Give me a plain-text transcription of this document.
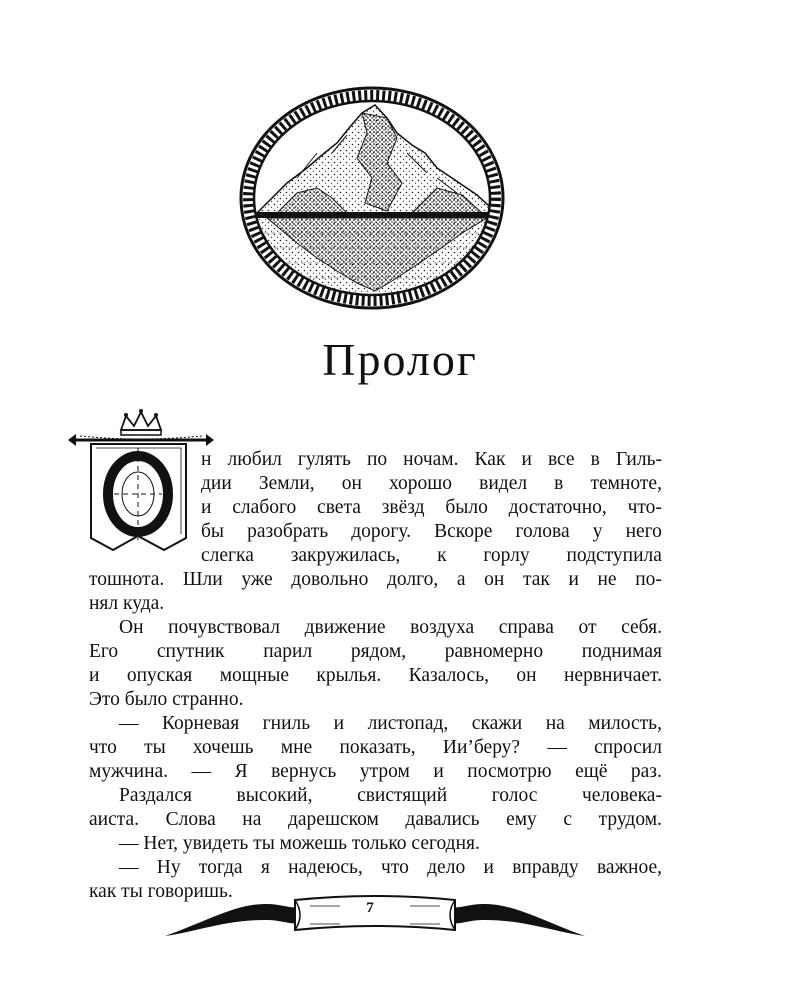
Пролог
н любил гулять по ночам. Как и все в Гиль-
дии Земли, он хорошо видел в темноте,
и слабого света звёзд было достаточно, что-
бы разобрать дорогу. Вскоре голова у него
слегка закружилась, к горлу подступила
тошнота. Шли уже довольно долго, а он так и не по-
нял куда.
Он почувствовал движение воздуха справа от себя.
Его спутник парил рядом, равномерно поднимая
и опуская мощные крылья. Казалось, он нервничает.
Это было странно.
— Корневая гниль и листопад, скажи на милость,
что ты хочешь мне показать, Ии’беру? — спросил
мужчина. — Я вернусь утром и посмотрю ещё раз.
Раздался высокий, свистящий голос человека-
аиста. Слова на дарешском давались ему с трудом.
— Нет, увидеть ты можешь только сегодня.
— Ну тогда я надеюсь, что дело и вправду важное,
как ты говоришь.
7
